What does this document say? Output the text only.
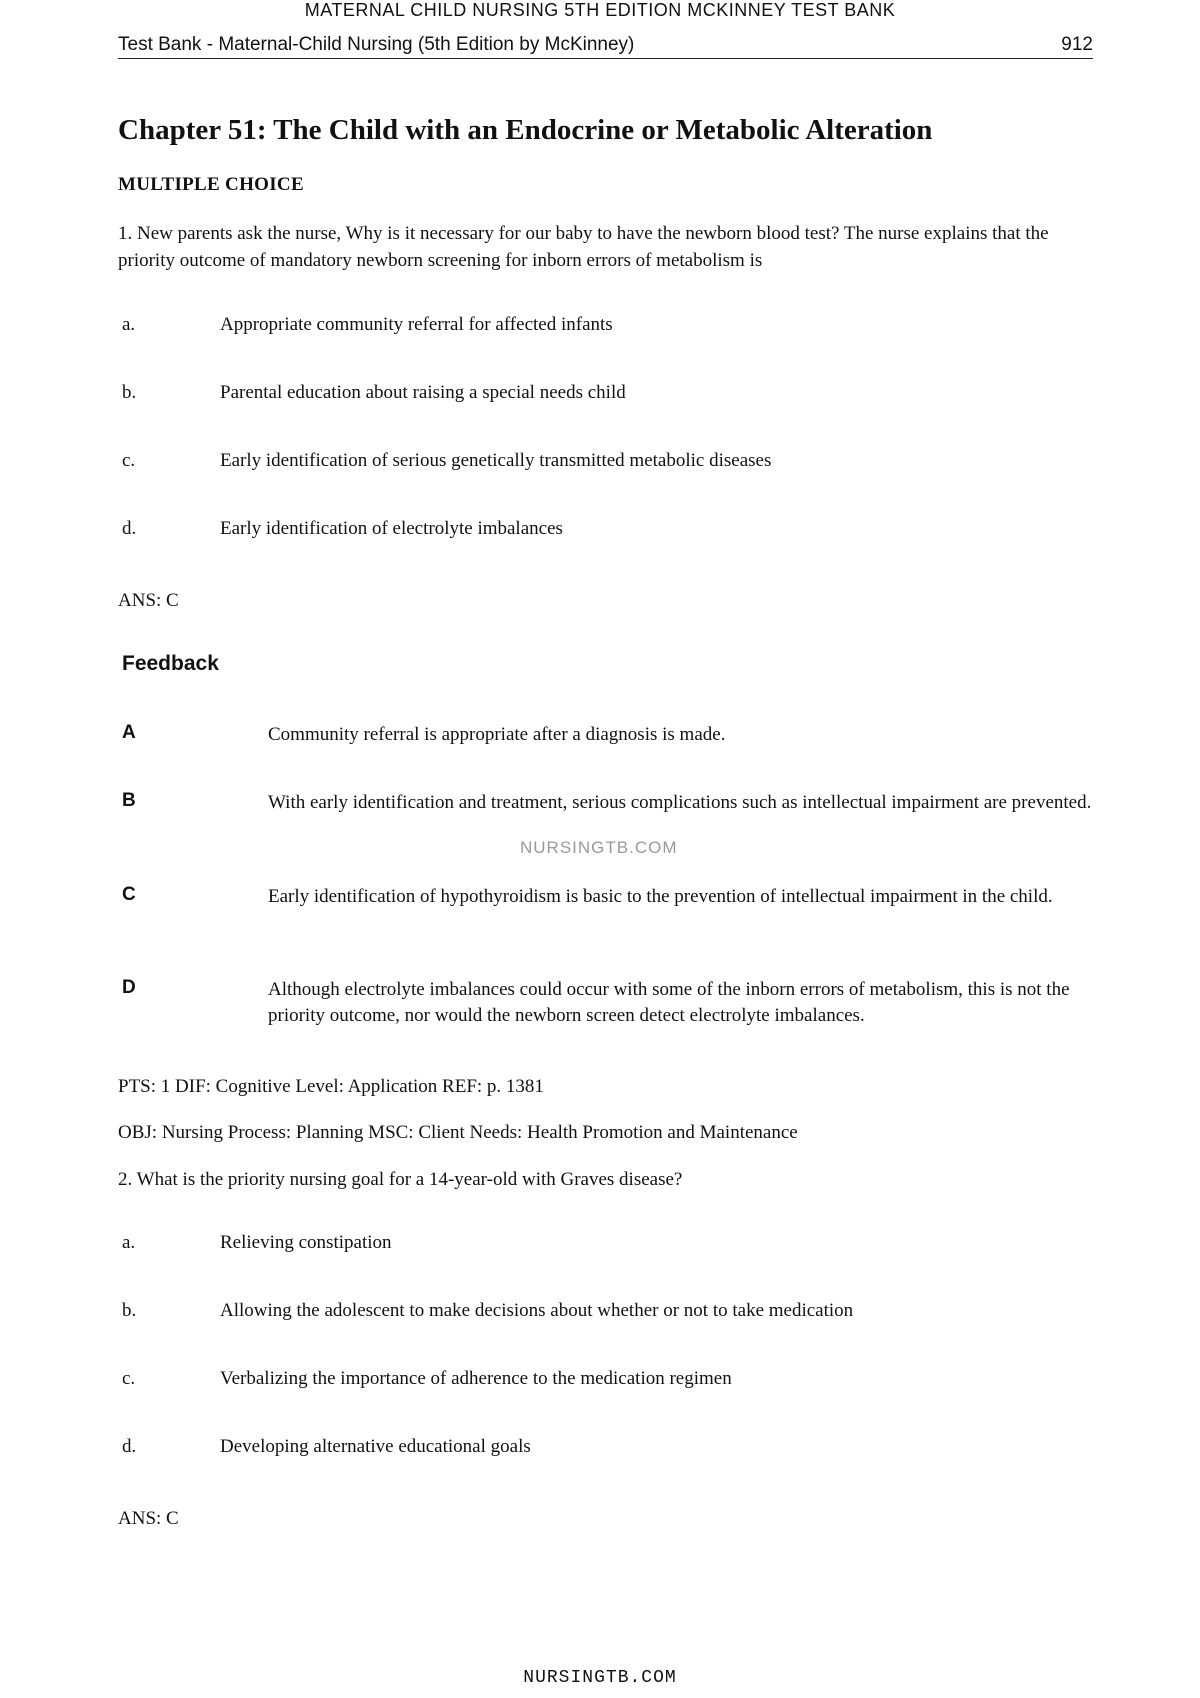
MATERNAL CHILD NURSING 5TH EDITION MCKINNEY TEST BANK
Test Bank - Maternal-Child Nursing (5th Edition by McKinney)	912
Chapter 51: The Child with an Endocrine or Metabolic Alteration
MULTIPLE CHOICE
1. New parents ask the nurse, Why is it necessary for our baby to have the newborn blood test? The nurse explains that the priority outcome of mandatory newborn screening for inborn errors of metabolism is
a.	Appropriate community referral for affected infants
b.	Parental education about raising a special needs child
c.	Early identification of serious genetically transmitted metabolic diseases
d.	Early identification of electrolyte imbalances
ANS: C
Feedback
A	Community referral is appropriate after a diagnosis is made.
B	With early identification and treatment, serious complications such as intellectual impairment are prevented.
NURSINGTB.COM
C	Early identification of hypothyroidism is basic to the prevention of intellectual impairment in the child.
D	Although electrolyte imbalances could occur with some of the inborn errors of metabolism, this is not the priority outcome, nor would the newborn screen detect electrolyte imbalances.
PTS: 1 DIF: Cognitive Level: Application REF: p. 1381
OBJ: Nursing Process: Planning MSC: Client Needs: Health Promotion and Maintenance
2. What is the priority nursing goal for a 14-year-old with Graves disease?
a.	Relieving constipation
b.	Allowing the adolescent to make decisions about whether or not to take medication
c.	Verbalizing the importance of adherence to the medication regimen
d.	Developing alternative educational goals
ANS: C
NURSINGTB.COM
